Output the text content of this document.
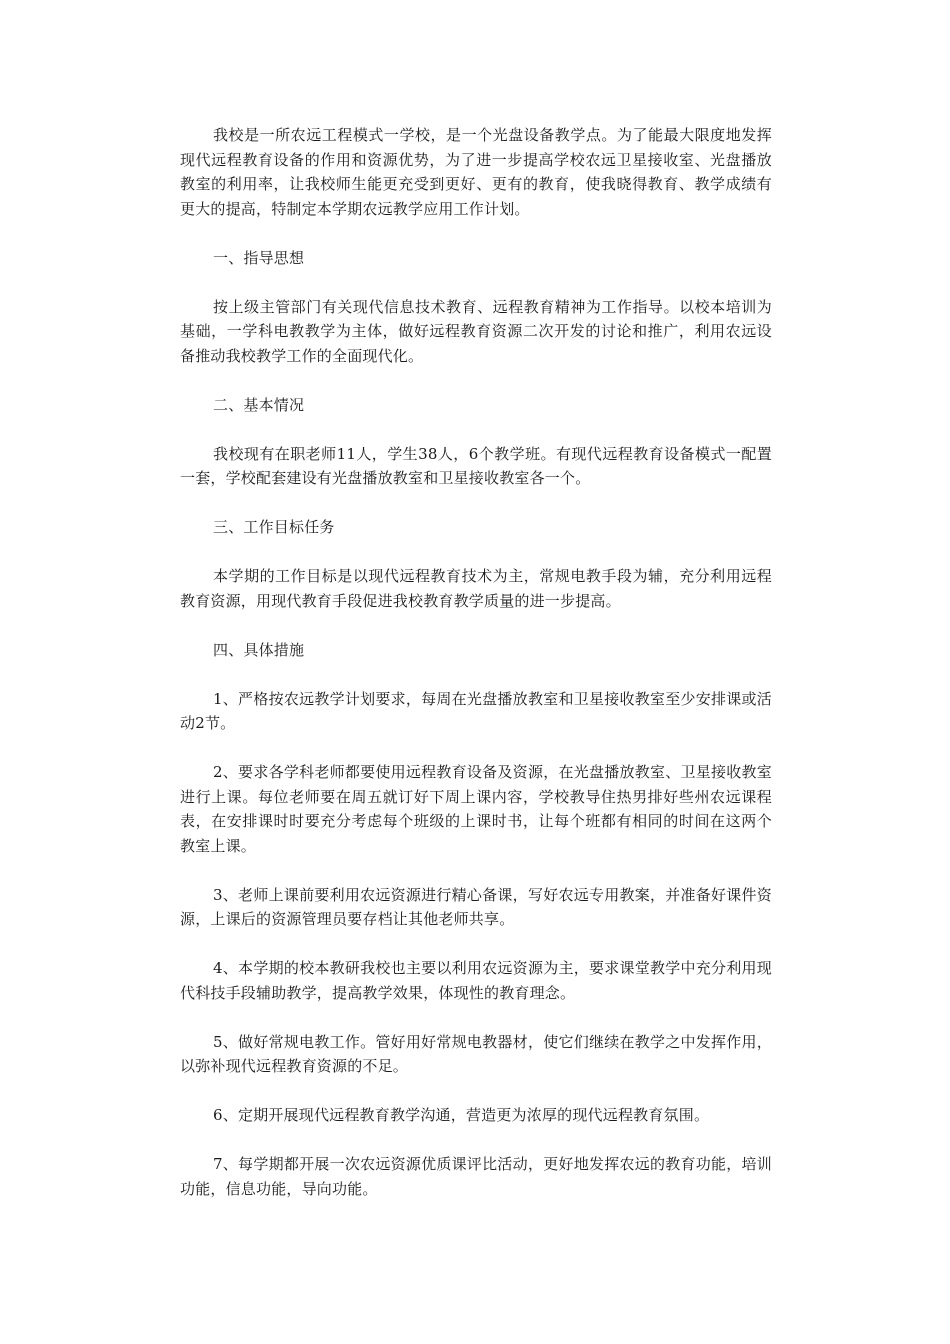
我校是一所农远工程模式一学校，是一个光盘设备教学点。为了能最大限度地发挥现代远程教育设备的作用和资源优势，为了进一步提高学校农远卫星接收室、光盘播放教室的利用率，让我校师生能更充受到更好、更有的教育，使我晓得教育、教学成绩有更大的提高，特制定本学期农远教学应用工作计划。

一、指导思想

按上级主管部门有关现代信息技术教育、远程教育精神为工作指导。以校本培训为基础，一学科电教教学为主体，做好远程教育资源二次开发的讨论和推广，利用农远设备推动我校教学工作的全面现代化。

二、基本情况

我校现有在职老师11人，学生38人，6个教学班。有现代远程教育设备模式一配置一套，学校配套建设有光盘播放教室和卫星接收教室各一个。

三、工作目标任务

本学期的工作目标是以现代远程教育技术为主，常规电教手段为辅，充分利用远程教育资源，用现代教育手段促进我校教育教学质量的进一步提高。

四、具体措施

1、严格按农远教学计划要求，每周在光盘播放教室和卫星接收教室至少安排课或活动2节。

2、要求各学科老师都要使用远程教育设备及资源，在光盘播放教室、卫星接收教室进行上课。每位老师要在周五就订好下周上课内容，学校教导住热男排好些州农远课程表，在安排课时时要充分考虑每个班级的上课时书，让每个班都有相同的时间在这两个教室上课。

3、老师上课前要利用农远资源进行精心备课，写好农远专用教案，并准备好课件资源，上课后的资源管理员要存档让其他老师共享。

4、本学期的校本教研我校也主要以利用农远资源为主，要求课堂教学中充分利用现代科技手段辅助教学，提高教学效果，体现性的教育理念。

5、做好常规电教工作。管好用好常规电教器材，使它们继续在教学之中发挥作用，以弥补现代远程教育资源的不足。

6、定期开展现代远程教育教学沟通，营造更为浓厚的现代远程教育氛围。

7、每学期都开展一次农远资源优质课评比活动，更好地发挥农远的教育功能，培训功能，信息功能，导向功能。
